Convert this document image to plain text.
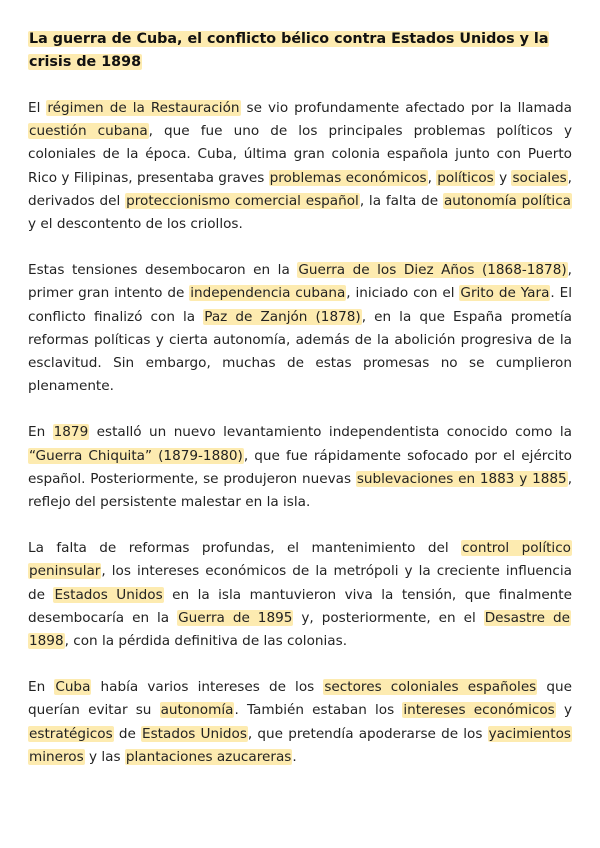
La guerra de Cuba, el conflicto bélico contra Estados Unidos y la crisis de 1898

El régimen de la Restauración se vio profundamente afectado por la llamada cuestión cubana, que fue uno de los principales problemas políticos y coloniales de la época. Cuba, última gran colonia española junto con Puerto Rico y Filipinas, presentaba graves problemas económicos, políticos y sociales, derivados del proteccionismo comercial español, la falta de autonomía política y el descontento de los criollos.

Estas tensiones desembocaron en la Guerra de los Diez Años (1868-1878), primer gran intento de independencia cubana, iniciado con el Grito de Yara. El conflicto finalizó con la Paz de Zanjón (1878), en la que España prometía reformas políticas y cierta autonomía, además de la abolición progresiva de la esclavitud. Sin embargo, muchas de estas promesas no se cumplieron plenamente.

En 1879 estalló un nuevo levantamiento independentista conocido como la “Guerra Chiquita” (1879-1880), que fue rápidamente sofocado por el ejército español. Posteriormente, se produjeron nuevas sublevaciones en 1883 y 1885, reflejo del persistente malestar en la isla.

La falta de reformas profundas, el mantenimiento del control político peninsular, los intereses económicos de la metrópoli y la creciente influencia de Estados Unidos en la isla mantuvieron viva la tensión, que finalmente desembocaría en la Guerra de 1895 y, posteriormente, en el Desastre de 1898, con la pérdida definitiva de las colonias.

En Cuba había varios intereses de los sectores coloniales españoles que querían evitar su autonomía. También estaban los intereses económicos y estratégicos de Estados Unidos, que pretendía apoderarse de los yacimientos mineros y las plantaciones azucareras.
